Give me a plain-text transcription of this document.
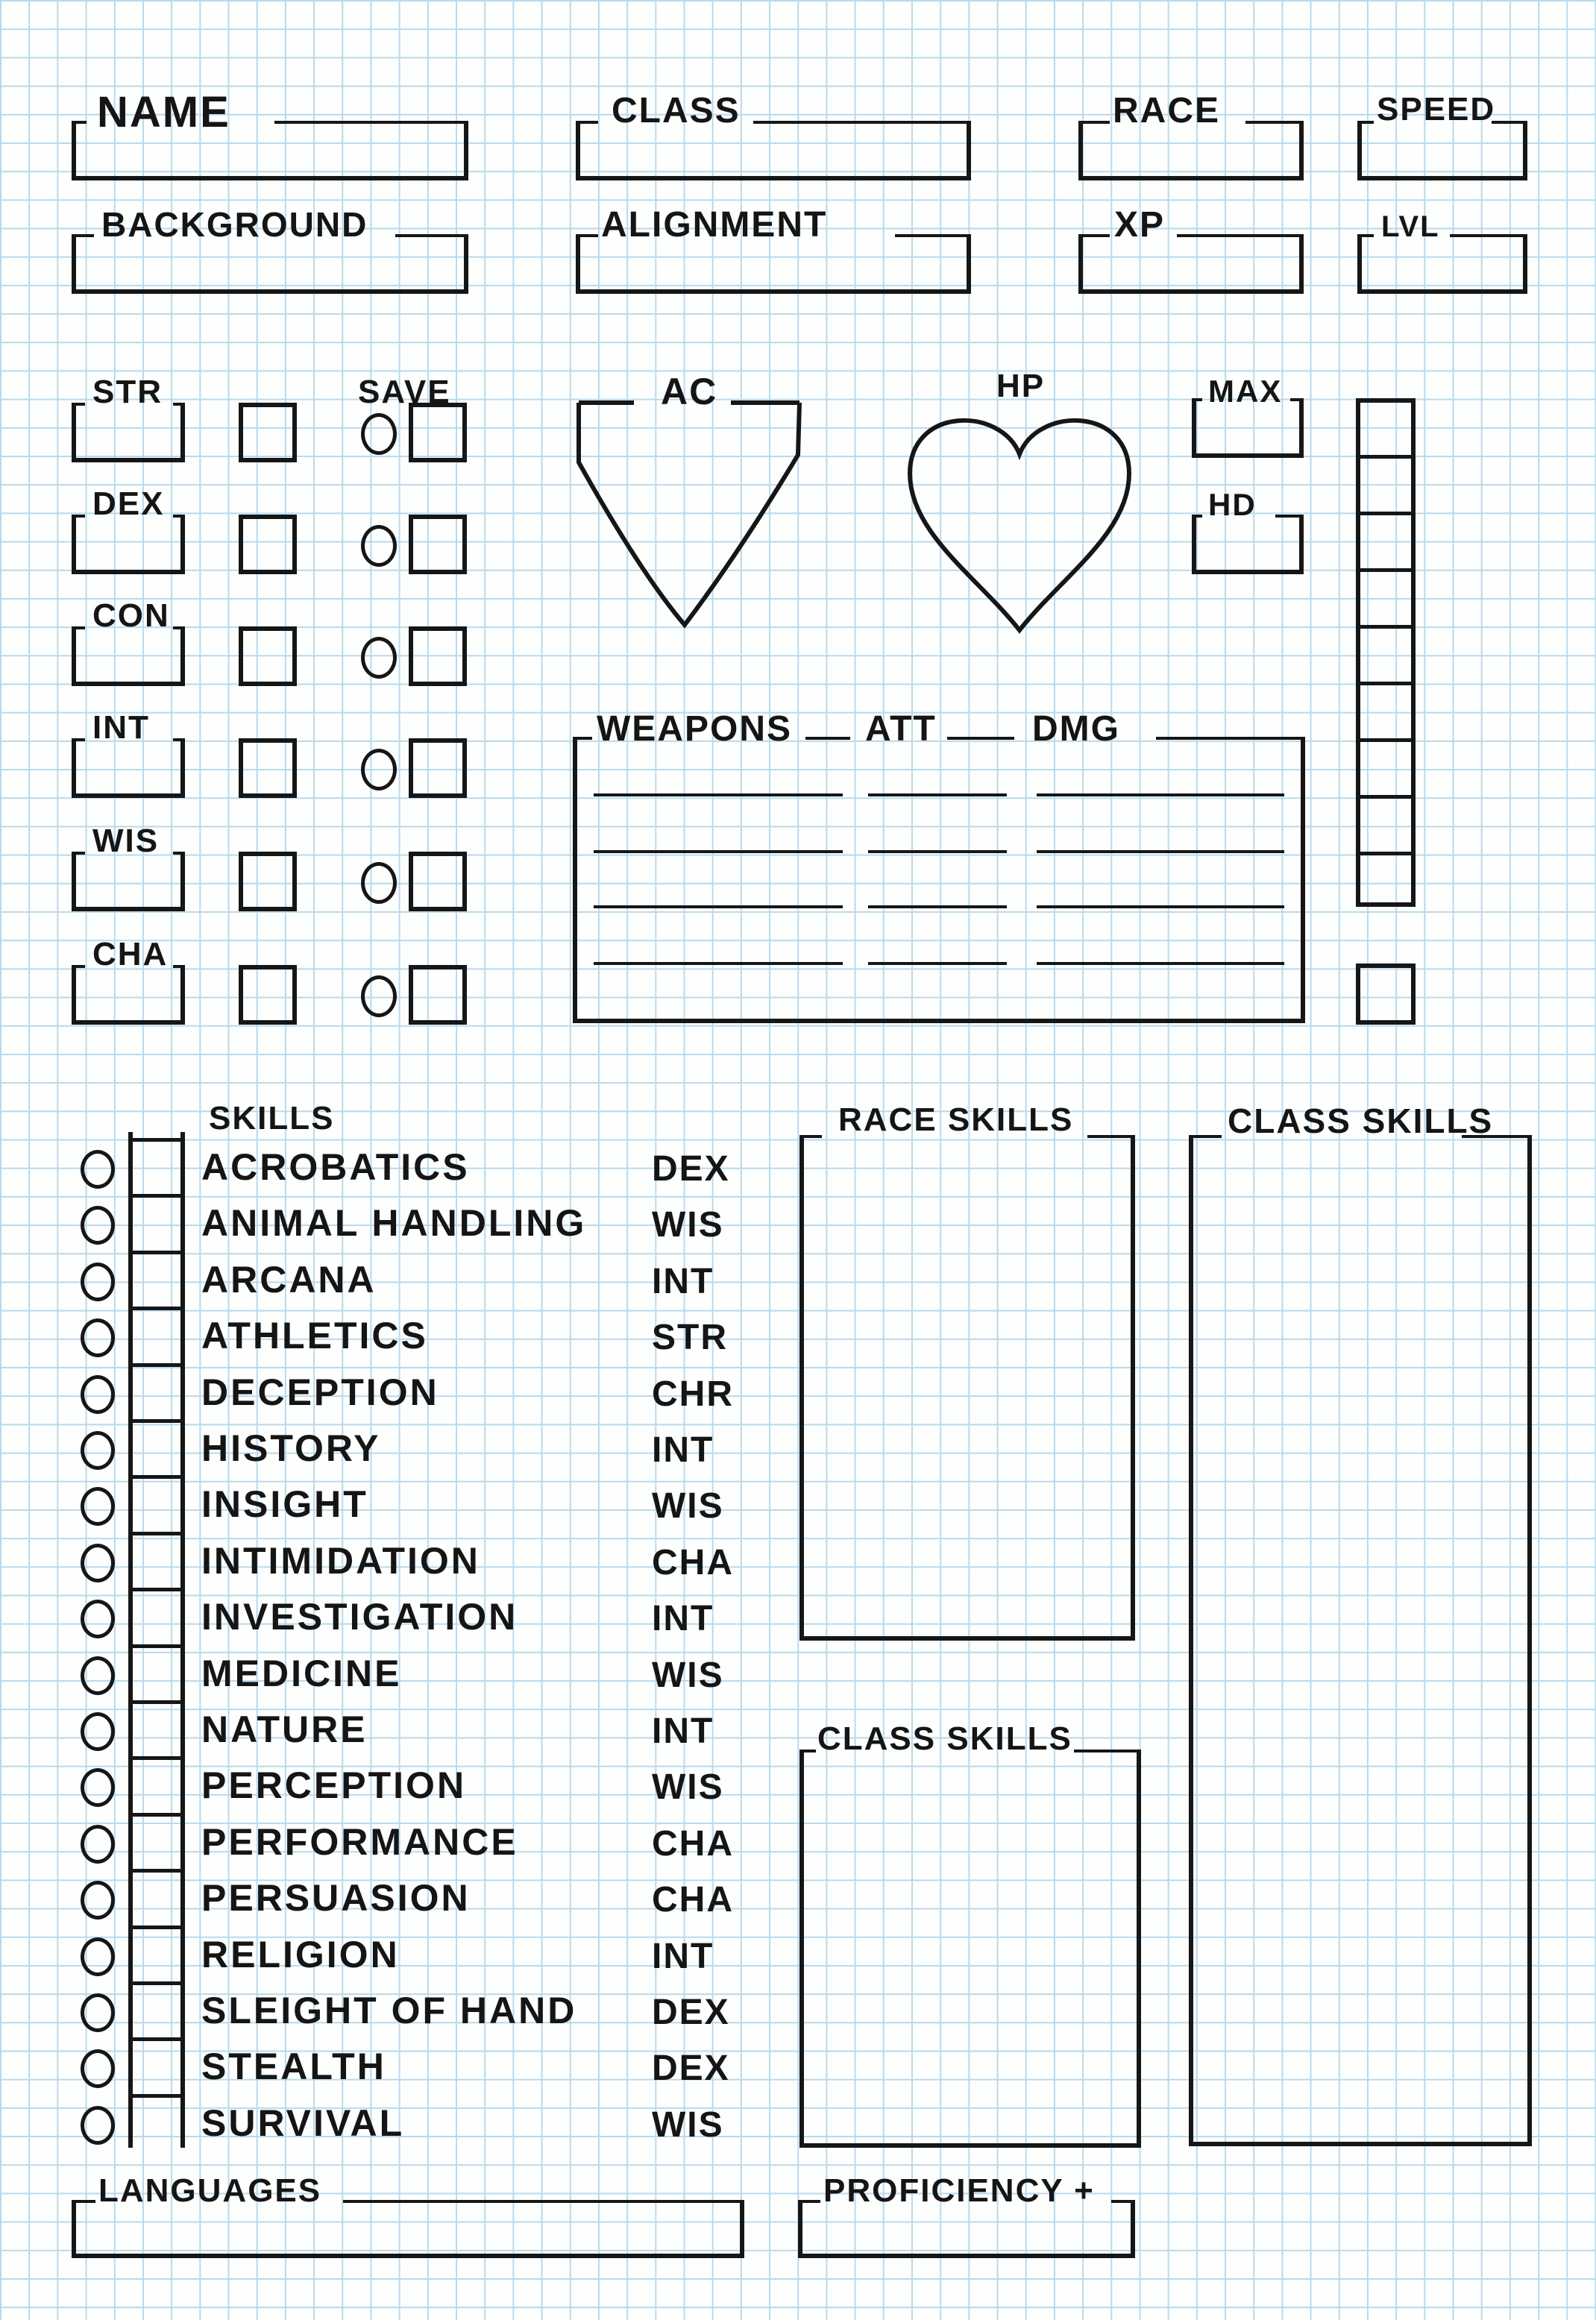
NAME	CLASS	RACE	SPEED
BACKGROUND	ALIGNMENT	XP	LVL
SAVE
STR
DEX
CON
INT
WIS
CHA
AC	HP	MAX
HD
WEAPONS ATT	DMG
SKILLS
ACROBATICS	DEX
ANIMAL HANDLING WIS
ARCANA	INT
ATHLETICS	STR
DECEPTION	CHR
HISTORY	INT
INSIGHT	WIS
INTIMIDATION	CHA
INVESTIGATION	INT
MEDICINE	WIS
NATURE	INT
PERCEPTION	WIS
PERFORMANCE	CHA
PERSUASION	CHA
RELIGION	INT
SLEIGHT OF HAND DEX
STEALTH	DEX
SURVIVAL	WIS
RACE SKILLS
CLASS SKILLS
CLASS SKILLS
LANGUAGES	PROFICIENCY +
